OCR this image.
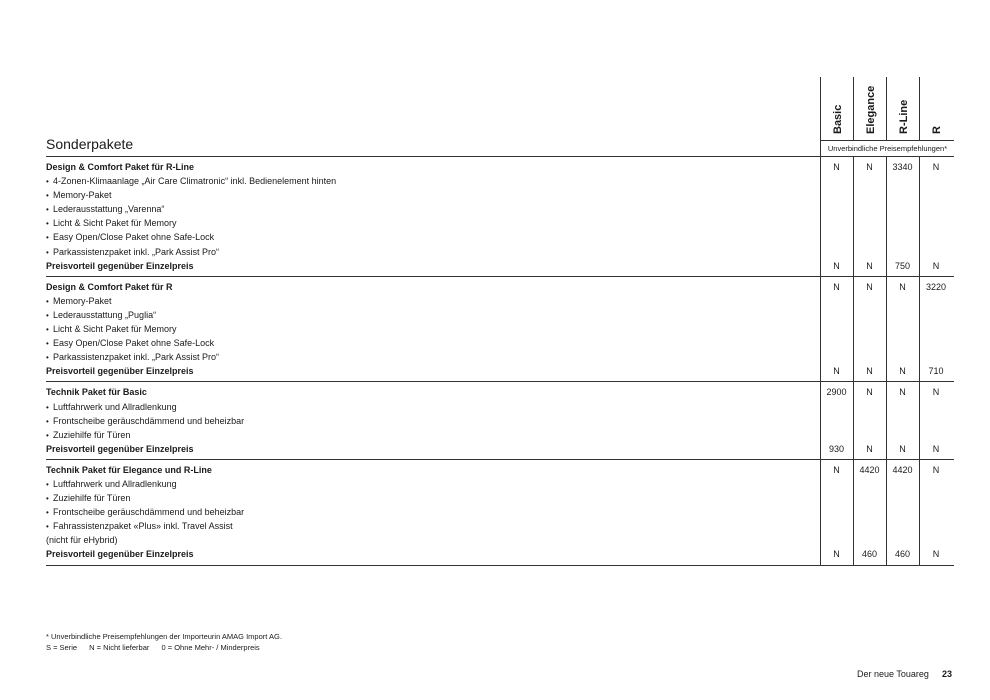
Basic Elegance R-Line R
Sonderpakete	Unverbindliche Preisempfehlungen*
Design & Comfort Paket für R-Line	N	N	3340	N
• 4-Zonen-Klimaanlage „Air Care Climatronic“ inkl. Bedienelement hinten
• Memory-Paket
• Lederausstattung „Varenna“
• Licht & Sicht Paket für Memory
• Easy Open/Close Paket ohne Safe-Lock
• Parkassistenzpaket inkl. „Park Assist Pro“
Preisvorteil gegenüber Einzelpreis	N	N	750	N
Design & Comfort Paket für R	N	N	N	3220
• Memory-Paket
• Lederausstattung „Puglia“
• Licht & Sicht Paket für Memory
• Easy Open/Close Paket ohne Safe-Lock
• Parkassistenzpaket inkl. „Park Assist Pro“
Preisvorteil gegenüber Einzelpreis	N	N	N	710
Technik Paket für Basic	2900	N	N	N
• Luftfahrwerk und Allradlenkung
• Frontscheibe geräuschdämmend und beheizbar
• Zuziehilfe für Türen
Preisvorteil gegenüber Einzelpreis	930	N	N	N
Technik Paket für Elegance und R-Line	N	4420	4420	N
• Luftfahrwerk und Allradlenkung
• Zuziehilfe für Türen
• Frontscheibe geräuschdämmend und beheizbar
• Fahrassistenzpaket «Plus» inkl. Travel Assist
(nicht für eHybrid)
Preisvorteil gegenüber Einzelpreis	N	460	460	N
* Unverbindliche Preisempfehlungen der Importeurin AMAG Import AG.
S = Serie N = Nicht lieferbar 0 = Ohne Mehr- / Minderpreis
Der neue Touareg 23
